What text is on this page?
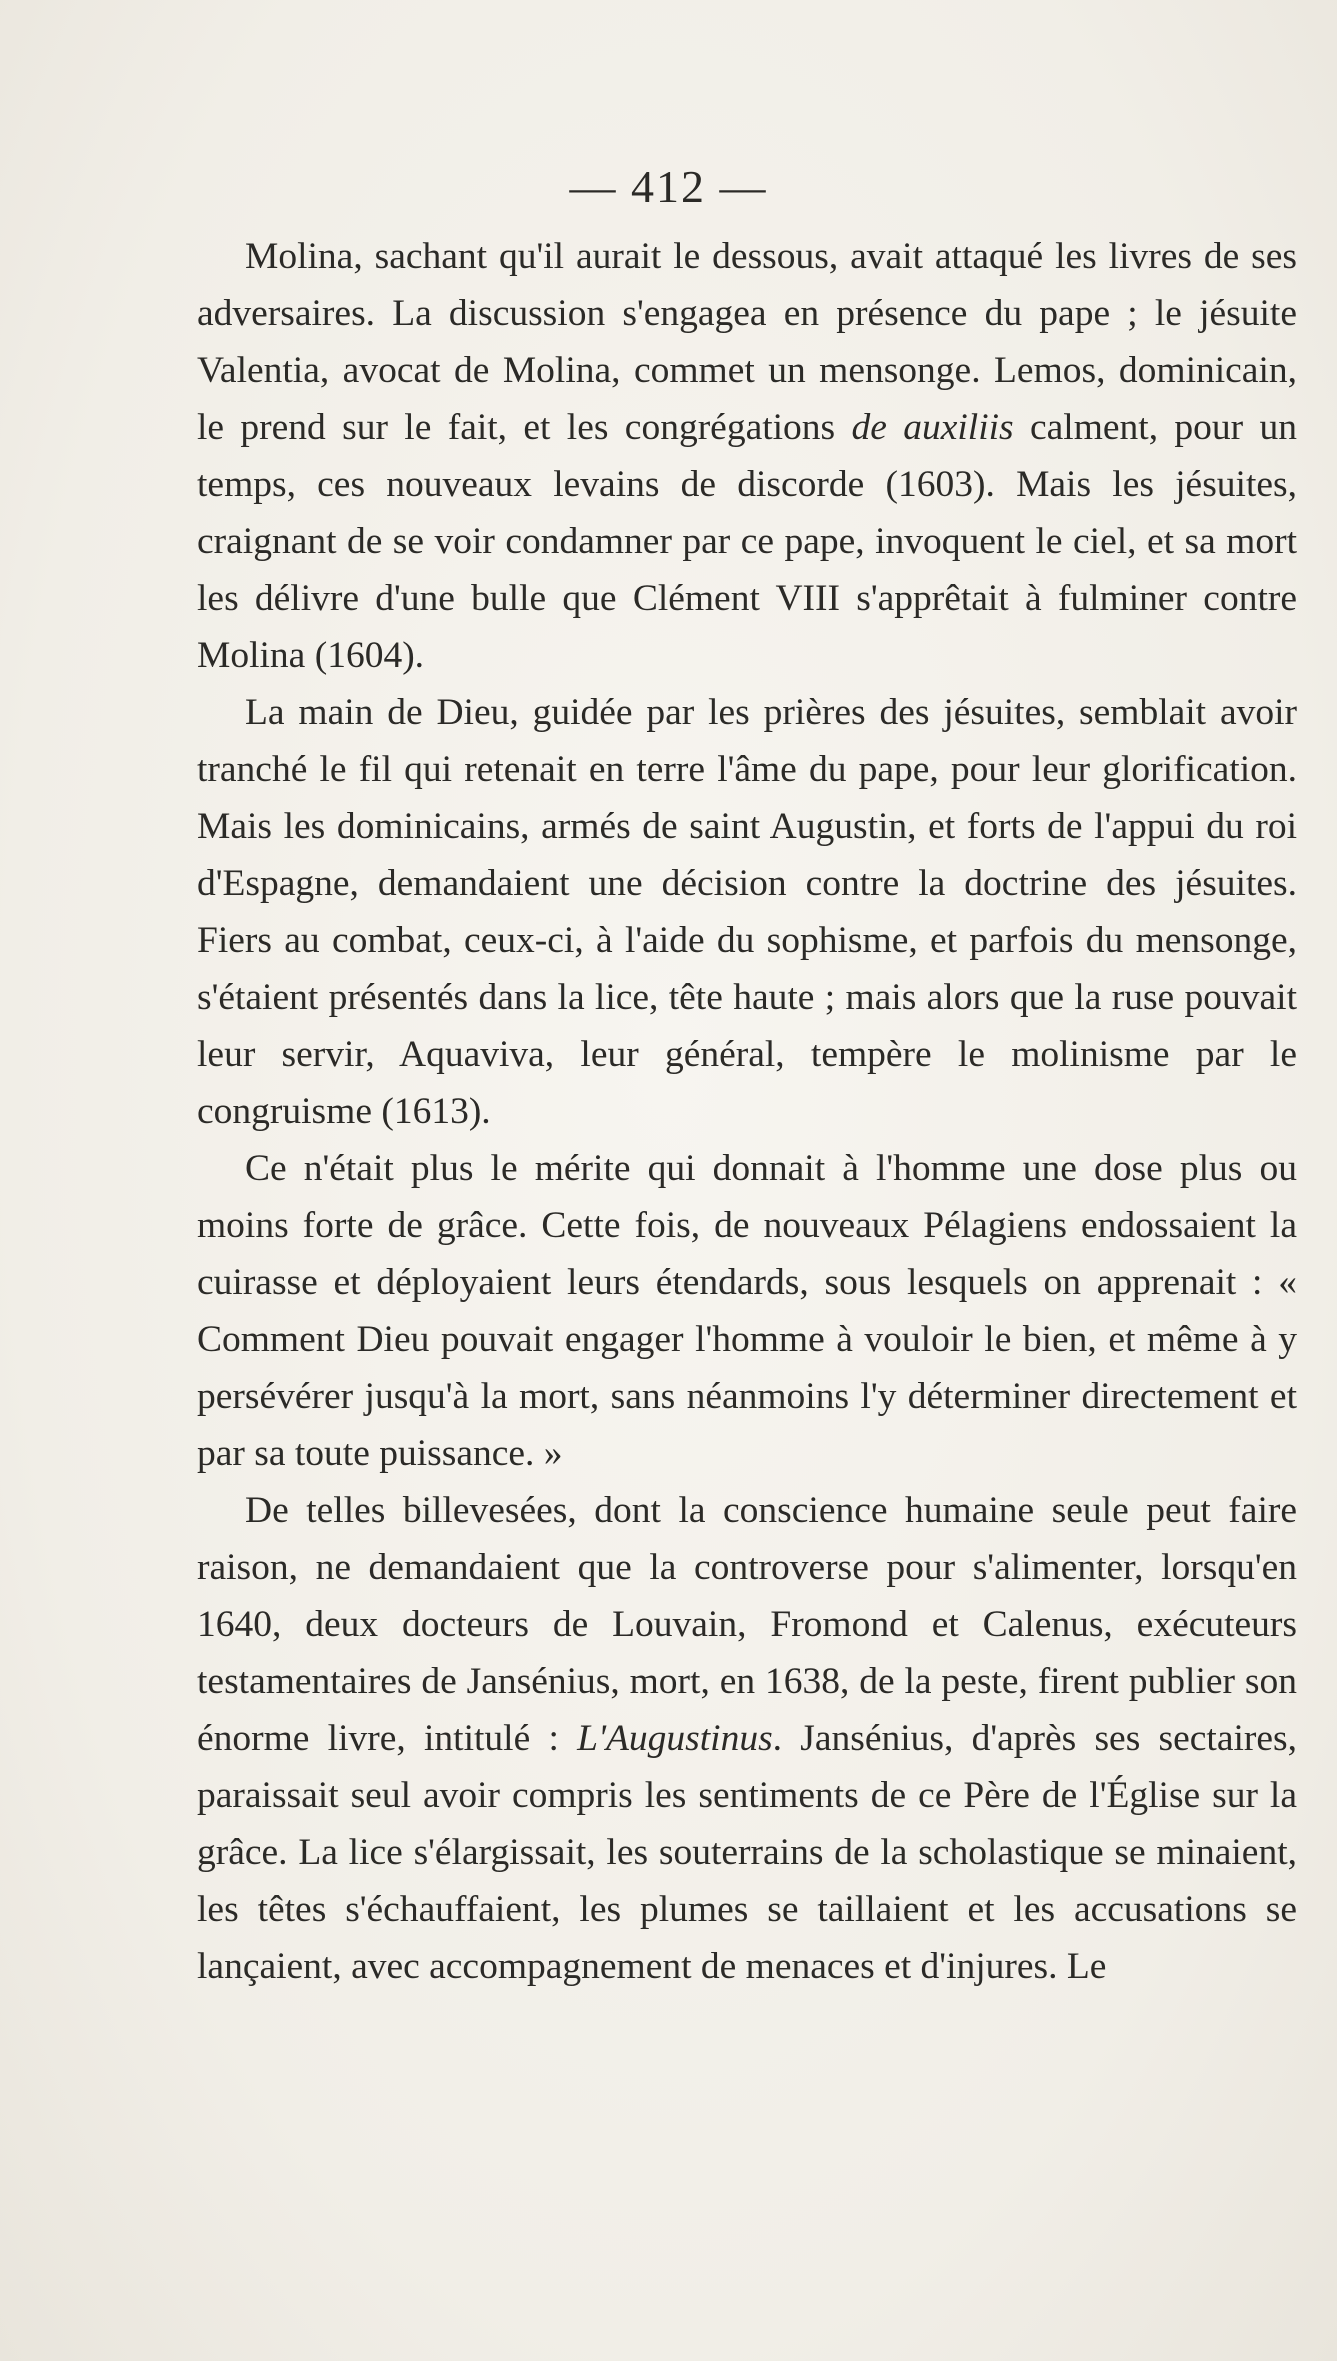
— 412 —

Molina, sachant qu'il aurait le dessous, avait attaqué les livres de ses adversaires. La discussion s'engagea en présence du pape ; le jésuite Valentia, avocat de Molina, commet un mensonge. Lemos, dominicain, le prend sur le fait, et les congrégations de auxiliis calment, pour un temps, ces nouveaux levains de discorde (1603). Mais les jésuites, craignant de se voir condamner par ce pape, invoquent le ciel, et sa mort les délivre d'une bulle que Clément VIII s'apprêtait à fulminer contre Molina (1604).

La main de Dieu, guidée par les prières des jésuites, semblait avoir tranché le fil qui retenait en terre l'âme du pape, pour leur glorification. Mais les dominicains, armés de saint Augustin, et forts de l'appui du roi d'Espagne, demandaient une décision contre la doctrine des jésuites. Fiers au combat, ceux-ci, à l'aide du sophisme, et parfois du mensonge, s'étaient présentés dans la lice, tête haute ; mais alors que la ruse pouvait leur servir, Aquaviva, leur général, tempère le molinisme par le congruisme (1613).

Ce n'était plus le mérite qui donnait à l'homme une dose plus ou moins forte de grâce. Cette fois, de nouveaux Pélagiens endossaient la cuirasse et déployaient leurs étendards, sous lesquels on apprenait : « Comment Dieu pouvait engager l'homme à vouloir le bien, et même à y persévérer jusqu'à la mort, sans néanmoins l'y déterminer directement et par sa toute puissance. »

De telles billevesées, dont la conscience humaine seule peut faire raison, ne demandaient que la controverse pour s'alimenter, lorsqu'en 1640, deux docteurs de Louvain, Fromond et Calenus, exécuteurs testamentaires de Jansénius, mort, en 1638, de la peste, firent publier son énorme livre, intitulé : L'Augustinus. Jansénius, d'après ses sectaires, paraissait seul avoir compris les sentiments de ce Père de l'Église sur la grâce. La lice s'élargissait, les souterrains de la scholastique se minaient, les têtes s'échauffaient, les plumes se taillaient et les accusations se lançaient, avec accompagnement de menaces et d'injures. Le
